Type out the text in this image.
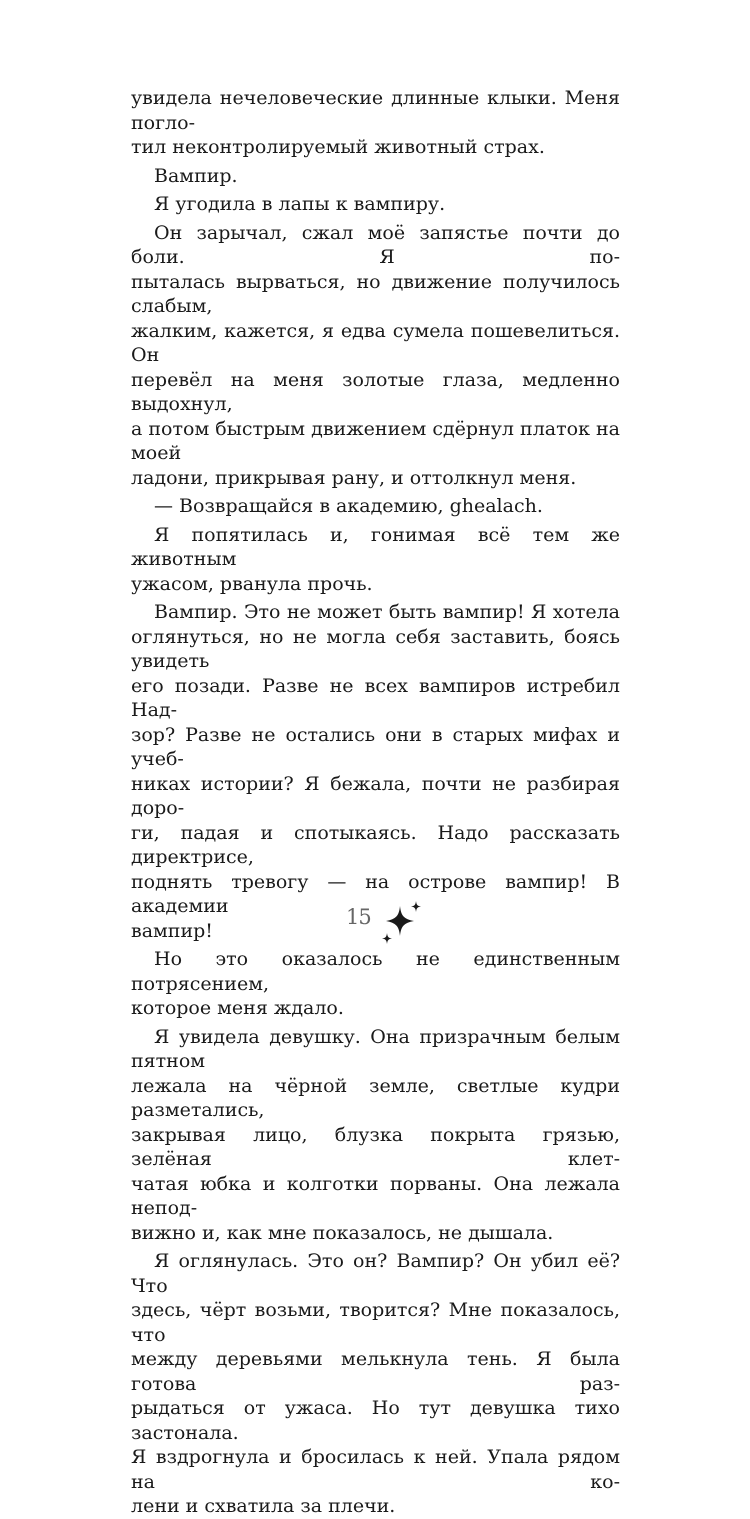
увидела нечеловеческие длинные клыки. Меня погло-
тил неконтролируемый животный страх.
Вампир.
Я угодила в лапы к вампиру.
Он зарычал, сжал моё запястье почти до боли. Я по-
пыталась вырваться, но движение получилось слабым,
жалким, кажется, я едва сумела пошевелиться. Он
перевёл на меня золотые глаза, медленно выдохнул,
а потом быстрым движением сдёрнул платок на моей
ладони, прикрывая рану, и оттолкнул меня.
— Возвращайся в академию, ghealach.
Я попятилась и, гонимая всё тем же животным
ужасом, рванула прочь.
Вампир. Это не может быть вампир! Я хотела
оглянуться, но не могла себя заставить, боясь увидеть
его позади. Разве не всех вампиров истребил Над-
зор? Разве не остались они в старых мифах и учеб-
никах истории? Я бежала, почти не разбирая доро-
ги, падая и спотыкаясь. Надо рассказать директрисе,
поднять тревогу — на острове вампир! В академии
вампир!
Но это оказалось не единственным потрясением,
которое меня ждало.
Я увидела девушку. Она призрачным белым пятном
лежала на чёрной земле, светлые кудри разметались,
закрывая лицо, блузка покрыта грязью, зелёная клет-
чатая юбка и колготки порваны. Она лежала непод-
вижно и, как мне показалось, не дышала.
Я оглянулась. Это он? Вампир? Он убил её? Что
здесь, чёрт возьми, творится? Мне показалось, что
между деревьями мелькнула тень. Я была готова раз-
рыдаться от ужаса. Но тут девушка тихо застонала.
Я вздрогнула и бросилась к ней. Упала рядом на ко-
лени и схватила за плечи.
15
